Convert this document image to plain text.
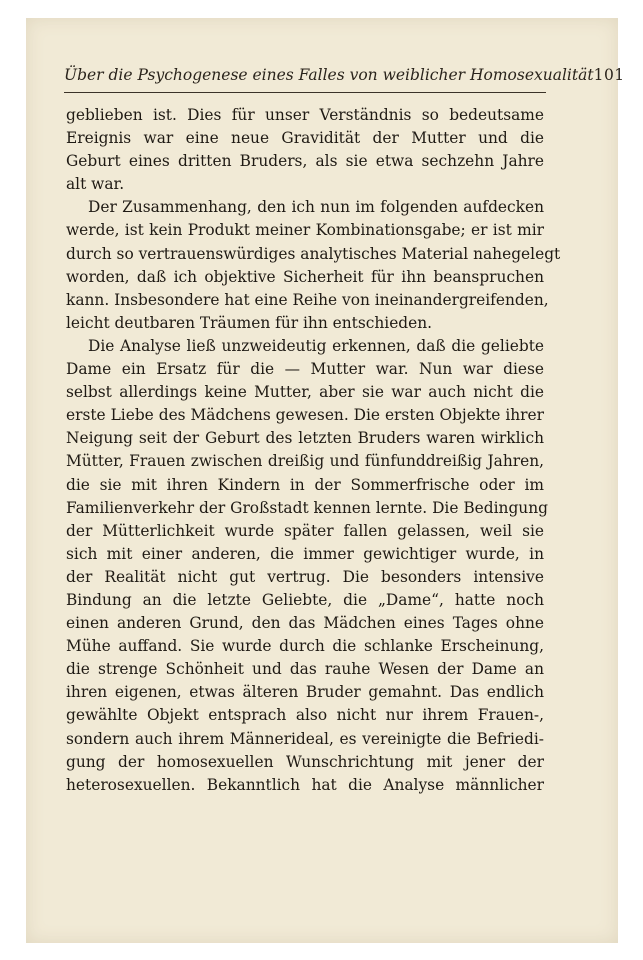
Über die Psychogenese eines Falles von weiblicher Homosexualität 101
geblieben ist. Dies für unser Verständnis so bedeutsame
Ereignis war eine neue Gravidität der Mutter und die
Geburt eines dritten Bruders, als sie etwa sechzehn Jahre
alt war.
Der Zusammenhang, den ich nun im folgenden aufdecken
werde, ist kein Produkt meiner Kombinationsgabe; er ist mir
durch so vertrauenswürdiges analytisches Material nahegelegt
worden, daß ich objektive Sicherheit für ihn beanspruchen
kann. Insbesondere hat eine Reihe von ineinandergreifenden,
leicht deutbaren Träumen für ihn entschieden.
Die Analyse ließ unzweideutig erkennen, daß die geliebte
Dame ein Ersatz für die — Mutter war. Nun war diese
selbst allerdings keine Mutter, aber sie war auch nicht die
erste Liebe des Mädchens gewesen. Die ersten Objekte ihrer
Neigung seit der Geburt des letzten Bruders waren wirklich
Mütter, Frauen zwischen dreißig und fünfunddreißig Jahren,
die sie mit ihren Kindern in der Sommerfrische oder im
Familienverkehr der Großstadt kennen lernte. Die Bedingung
der Mütterlichkeit wurde später fallen gelassen, weil sie
sich mit einer anderen, die immer gewichtiger wurde, in
der Realität nicht gut vertrug. Die besonders intensive
Bindung an die letzte Geliebte, die „Dame“, hatte noch
einen anderen Grund, den das Mädchen eines Tages ohne
Mühe auffand. Sie wurde durch die schlanke Erscheinung,
die strenge Schönheit und das rauhe Wesen der Dame an
ihren eigenen, etwas älteren Bruder gemahnt. Das endlich
gewählte Objekt entsprach also nicht nur ihrem Frauen-,
sondern auch ihrem Männerideal, es vereinigte die Befriedi-
gung der homosexuellen Wunschrichtung mit jener der
heterosexuellen. Bekanntlich hat die Analyse männlicher
